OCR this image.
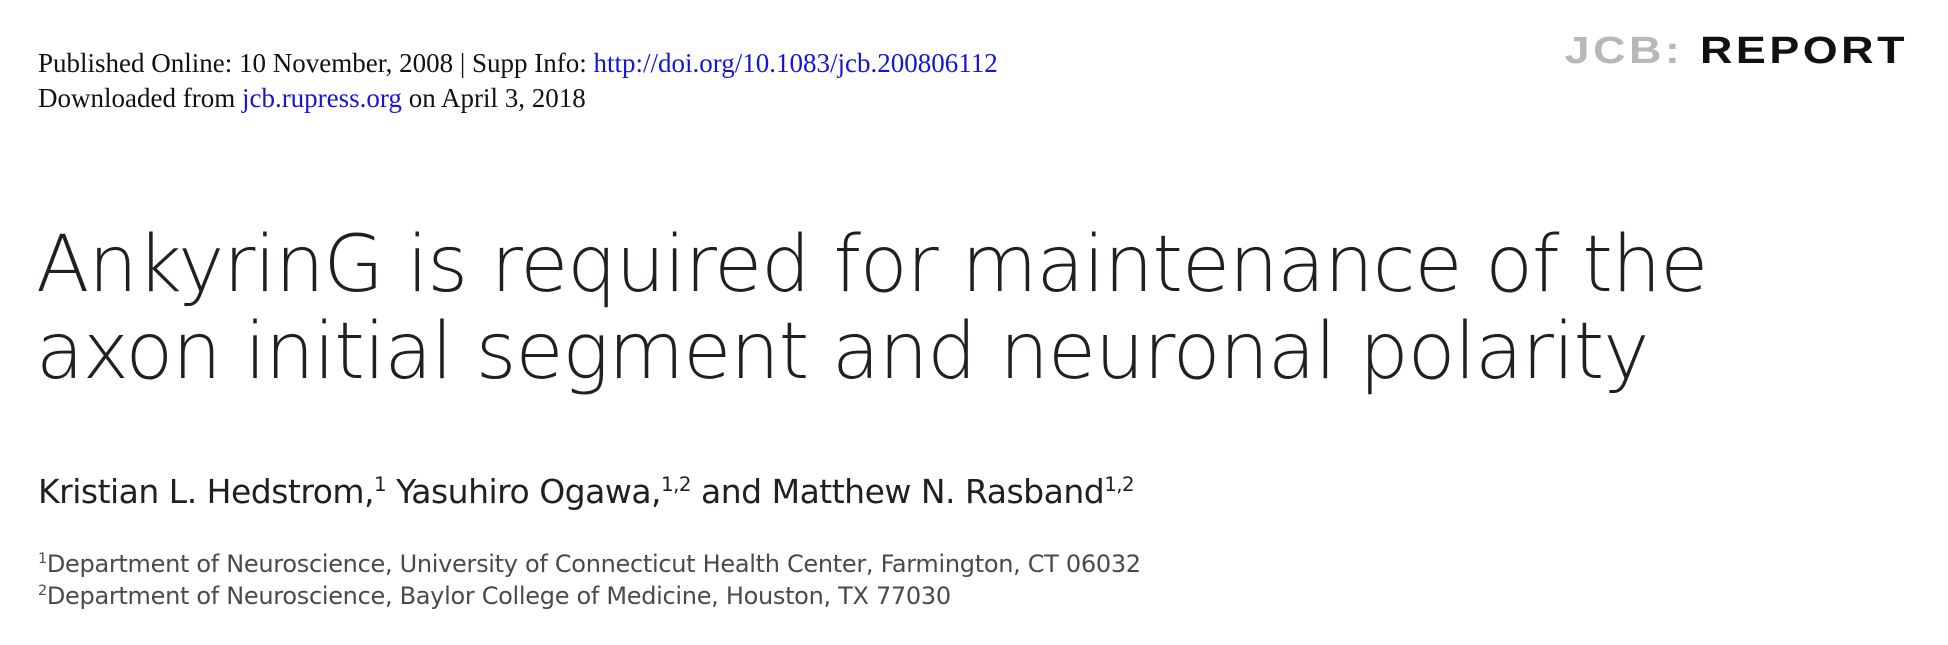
Published Online: 10 November, 2008 | Supp Info: http://doi.org/10.1083/jcb.200806112
Downloaded from jcb.rupress.org on April 3, 2018
JCB: REPORT
AnkyrinG is required for maintenance of the axon initial segment and neuronal polarity
Kristian L. Hedstrom,$^1$ Yasuhiro Ogawa,$^{1,2}$ and Matthew N. Rasband$^{1,2}$
$^1$Department of Neuroscience, University of Connecticut Health Center, Farmington, CT 06032
$^2$Department of Neuroscience, Baylor College of Medicine, Houston, TX 77030
